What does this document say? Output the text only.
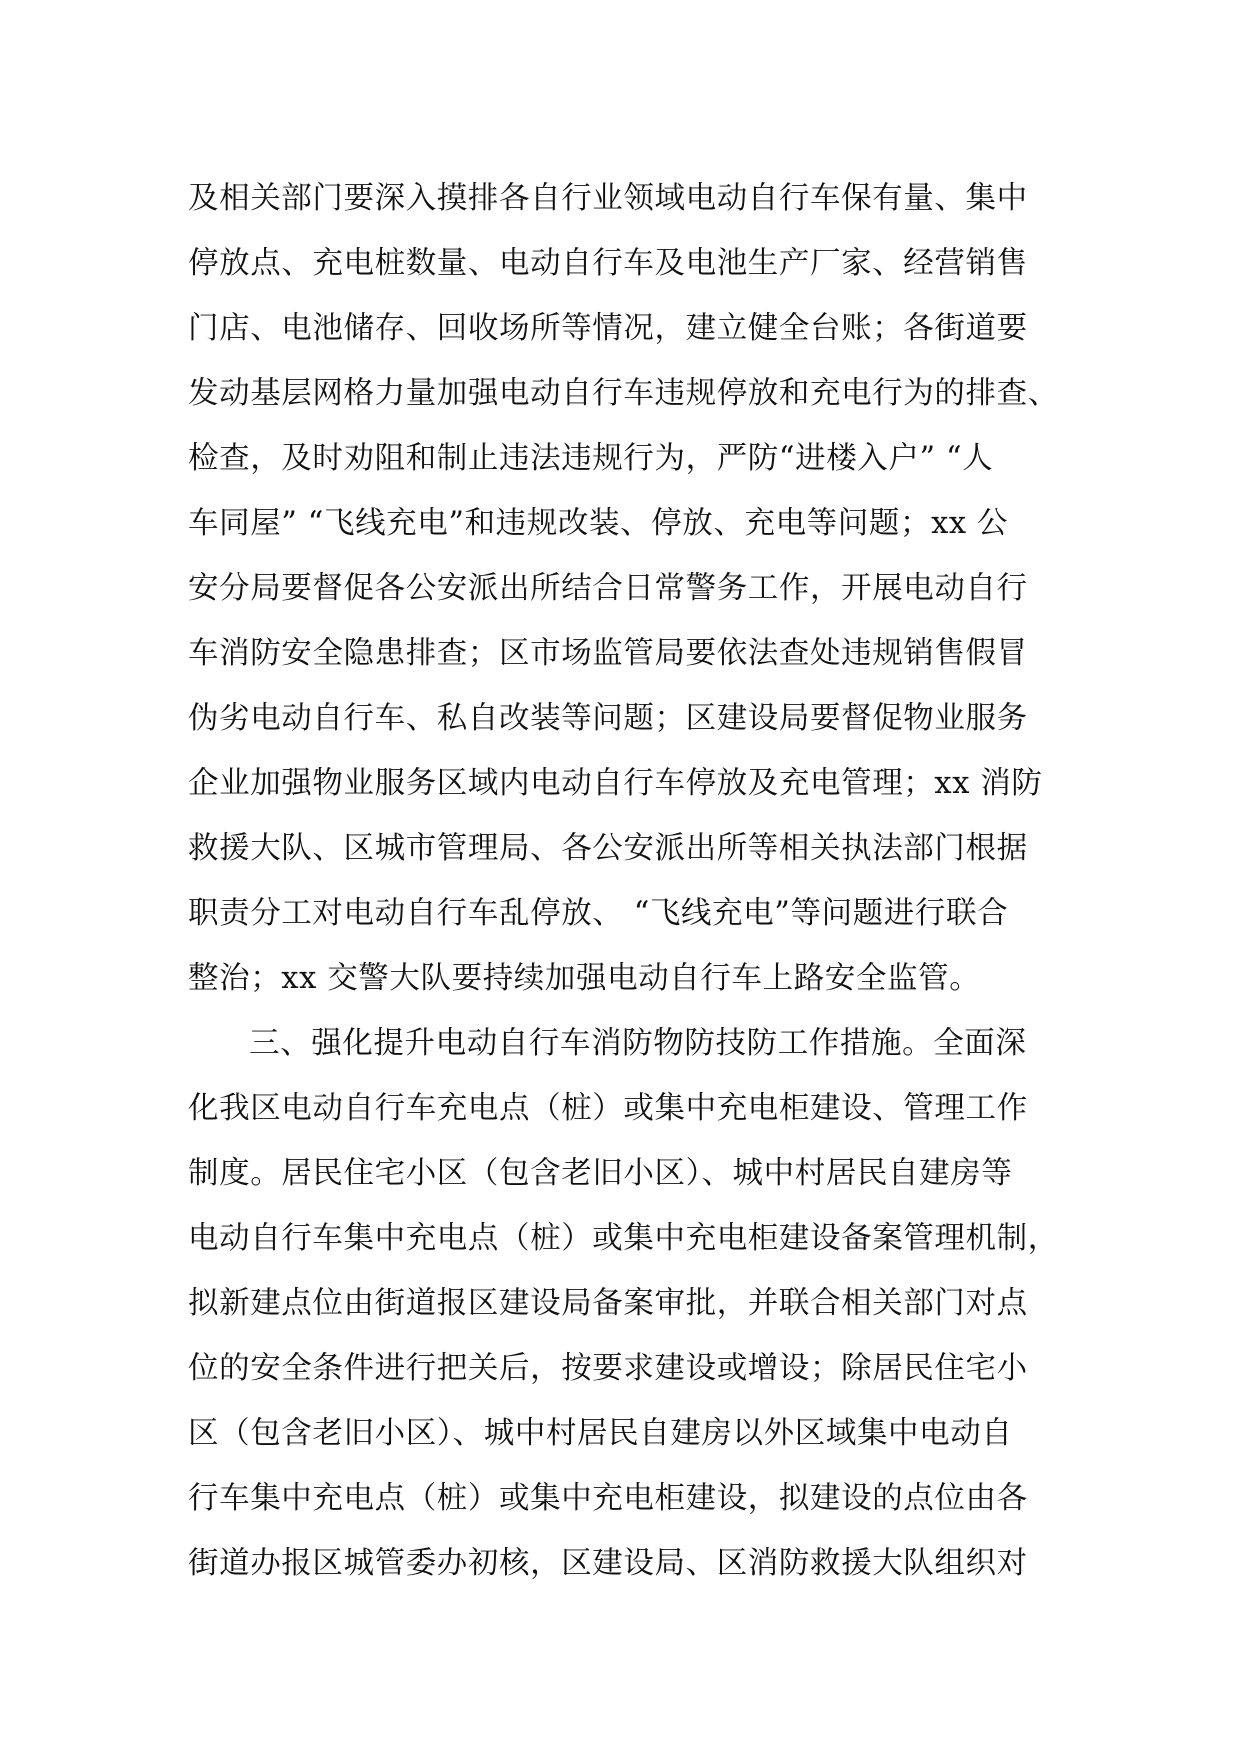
及相关部门要深入摸排各自行业领域电动自行车保有量、集中
停放点、充电桩数量、电动自行车及电池生产厂家、经营销售
门店、电池储存、回收场所等情况，建立健全台账；各街道要
发动基层网格力量加强电动自行车违规停放和充电行为的排查、
检查，及时劝阻和制止违法违规行为，严防“进楼入户” “人
车同屋” “飞线充电”和违规改装、停放、充电等问题；xx 公
安分局要督促各公安派出所结合日常警务工作，开展电动自行
车消防安全隐患排查；区市场监管局要依法查处违规销售假冒
伪劣电动自行车、私自改装等问题；区建设局要督促物业服务
企业加强物业服务区域内电动自行车停放及充电管理；xx 消防
救援大队、区城市管理局、各公安派出所等相关执法部门根据
职责分工对电动自行车乱停放、 “飞线充电”等问题进行联合
整治；xx 交警大队要持续加强电动自行车上路安全监管。
三、强化提升电动自行车消防物防技防工作措施。全面深
化我区电动自行车充电点（桩）或集中充电柜建设、管理工作
制度。居民住宅小区（包含老旧小区）、城中村居民自建房等
电动自行车集中充电点（桩）或集中充电柜建设备案管理机制，
拟新建点位由街道报区建设局备案审批，并联合相关部门对点
位的安全条件进行把关后，按要求建设或增设；除居民住宅小
区（包含老旧小区）、城中村居民自建房以外区域集中电动自
行车集中充电点（桩）或集中充电柜建设，拟建设的点位由各
街道办报区城管委办初核，区建设局、区消防救援大队组织对
